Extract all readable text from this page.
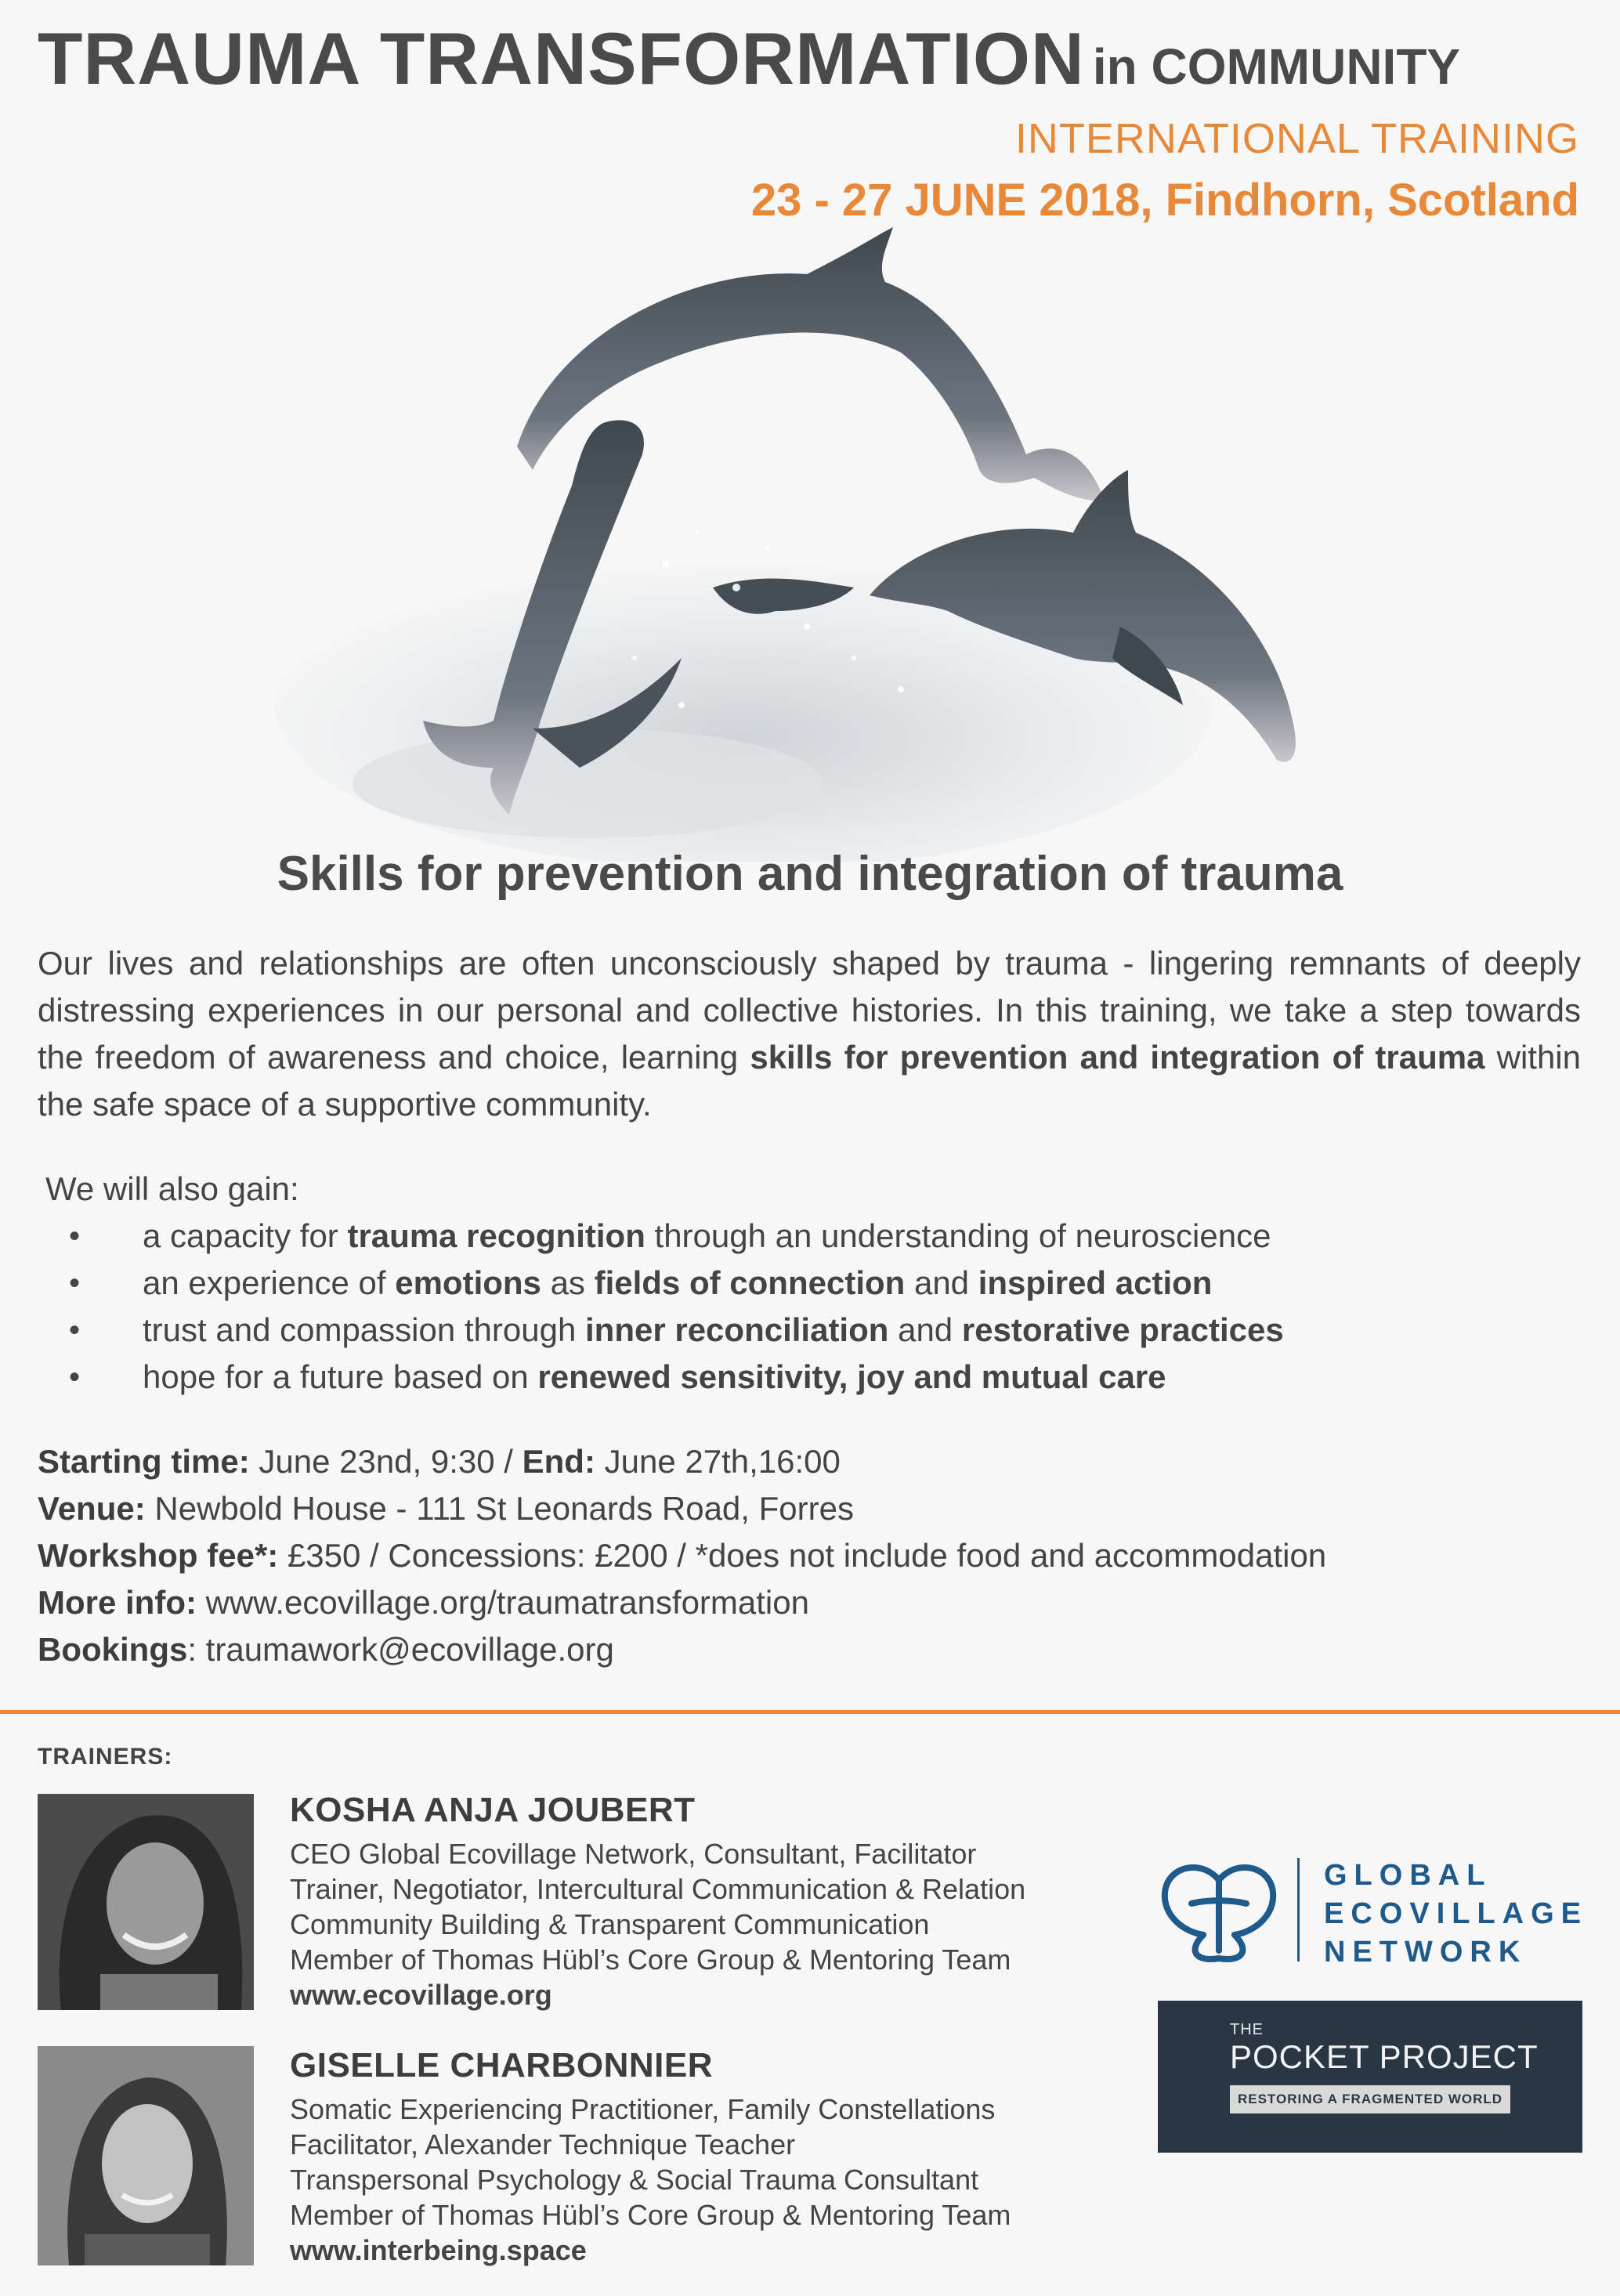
TRAUMA TRANSFORMATION in COMMUNITY
INTERNATIONAL TRAINING
23 - 27 JUNE 2018, Findhorn, Scotland
Skills for prevention and integration of trauma
Our lives and relationships are often unconsciously shaped by trauma - lingering remnants of deeply distressing experiences in our personal and collective histories. In this training, we take a step towards the freedom of awareness and choice, learning skills for prevention and integration of trauma within the safe space of a supportive community.
We will also gain:
•	a capacity for trauma recognition through an understanding of neuroscience
•	an experience of emotions as fields of connection and inspired action
•	trust and compassion through inner reconciliation and restorative practices
•	hope for a future based on renewed sensitivity, joy and mutual care
Starting time: June 23nd, 9:30 / End: June 27th,16:00
Venue: Newbold House - 111 St Leonards Road, Forres
Workshop fee*: £350 / Concessions: £200 / *does not include food and accommodation
More info: www.ecovillage.org/traumatransformation
Bookings: traumawork@ecovillage.org
TRAINERS:
KOSHA ANJA JOUBERT
CEO Global Ecovillage Network, Consultant, Facilitator
Trainer, Negotiator, Intercultural Communication & Relation
Community Building & Transparent Communication
Member of Thomas Hübl’s Core Group & Mentoring Team
www.ecovillage.org
GISELLE CHARBONNIER
Somatic Experiencing Practitioner, Family Constellations
Facilitator, Alexander Technique Teacher
Transpersonal Psychology & Social Trauma Consultant
Member of Thomas Hübl’s Core Group & Mentoring Team
www.interbeing.space
GLOBAL
ECOVILLAGE
NETWORK
THE
POCKET PROJECT
RESTORING A FRAGMENTED WORLD
